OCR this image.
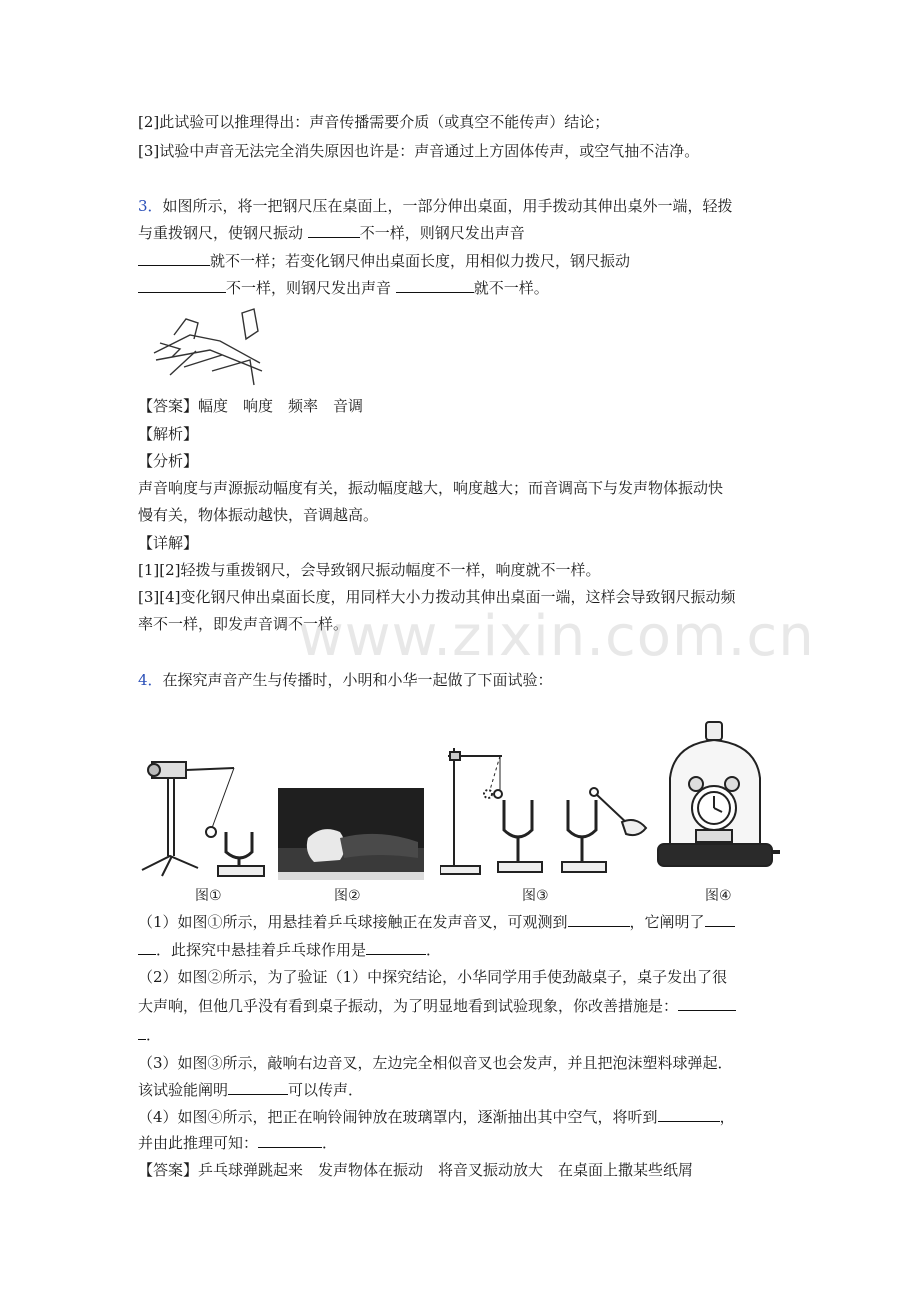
[2]此试验可以推理得出：声音传播需要介质（或真空不能传声）结论；
[3]试验中声音无法完全消失原因也许是：声音通过上方固体传声，或空气抽不洁净。
3．如图所示，将一把钢尺压在桌面上，一部分伸出桌面，用手拨动其伸出桌外一端，轻拨
与重拨钢尺，使钢尺振动	不一样，则钢尺发出声音
就不一样；若变化钢尺伸出桌面长度，用相似力拨尺，钢尺振动
不一样，则钢尺发出声音	就不一样。
【答案】幅度　响度　频率　音调
【解析】
【分析】
声音响度与声源振动幅度有关，振动幅度越大，响度越大；而音调高下与发声物体振动快
慢有关，物体振动越快，音调越高。
【详解】
[1][2]轻拨与重拨钢尺，会导致钢尺振动幅度不一样，响度就不一样。
[3][4]变化钢尺伸出桌面长度，用同样大小力拨动其伸出桌面一端，这样会导致钢尺振动频
率不一样，即发声音调不一样。
www.zixin.com.cn
4．在探究声音产生与传播时，小明和小华一起做了下面试验：
图①	图②	图③	图④
（1）如图①所示，用悬挂着乒乓球接触正在发声音叉，可观测到	，它阐明了
．此探究中悬挂着乒乓球作用是	．
（2）如图②所示，为了验证（1）中探究结论，小华同学用手使劲敲桌子，桌子发出了很
大声响，但他几乎没有看到桌子振动，为了明显地看到试验现象，你改善措施是：
．
（3）如图③所示，敲响右边音叉，左边完全相似音叉也会发声，并且把泡沫塑料球弹起．
该试验能阐明	可以传声．
（4）如图④所示，把正在响铃闹钟放在玻璃罩内，逐渐抽出其中空气，将听到	，
并由此推理可知：	．
【答案】乒乓球弹跳起来　发声物体在振动　将音叉振动放大　在桌面上撒某些纸屑
